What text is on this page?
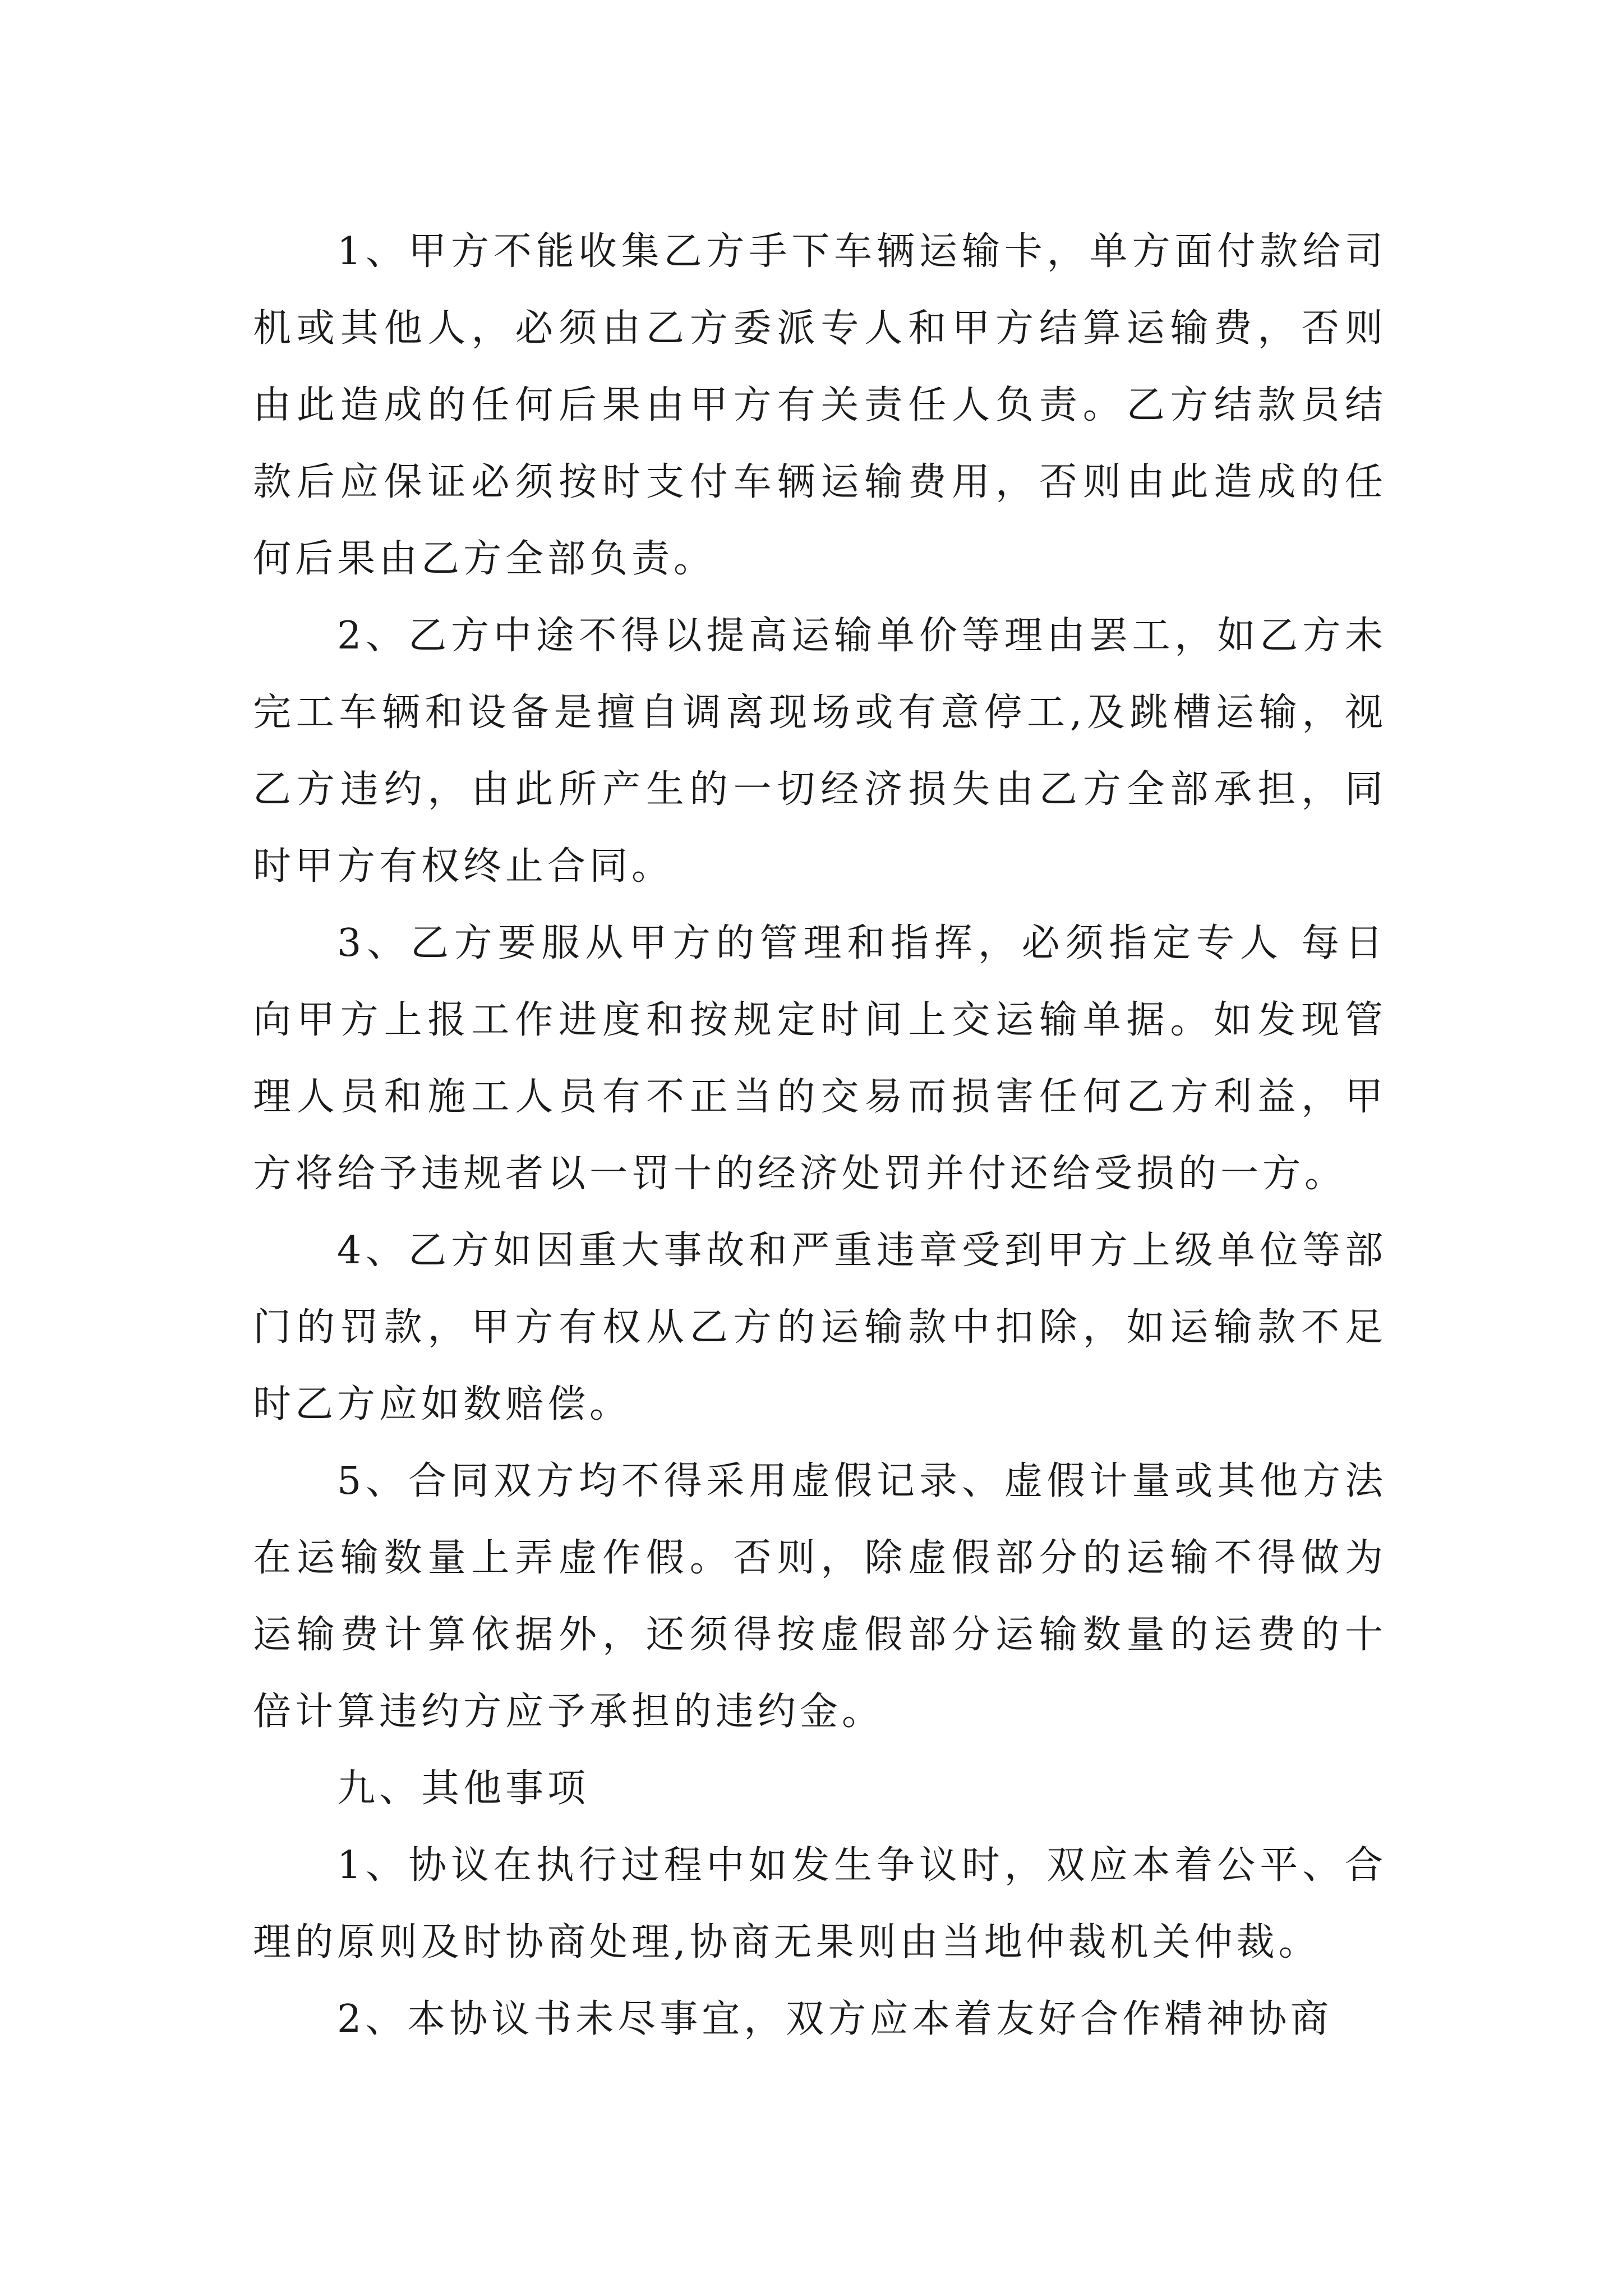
1、甲方不能收集乙方手下车辆运输卡，单方面付款给司机或其他人，必须由乙方委派专人和甲方结算运输费，否则由此造成的任何后果由甲方有关责任人负责。乙方结款员结款后应保证必须按时支付车辆运输费用，否则由此造成的任何后果由乙方全部负责。

2、乙方中途不得以提高运输单价等理由罢工，如乙方未完工车辆和设备是擅自调离现场或有意停工,及跳槽运输，视乙方违约，由此所产生的一切经济损失由乙方全部承担，同时甲方有权终止合同。

3、乙方要服从甲方的管理和指挥，必须指定专人 每日向甲方上报工作进度和按规定时间上交运输单据。如发现管理人员和施工人员有不正当的交易而损害任何乙方利益，甲方将给予违规者以一罚十的经济处罚并付还给受损的一方。

4、乙方如因重大事故和严重违章受到甲方上级单位等部门的罚款，甲方有权从乙方的运输款中扣除，如运输款不足时乙方应如数赔偿。

5、合同双方均不得采用虚假记录、虚假计量或其他方法在运输数量上弄虚作假。否则，除虚假部分的运输不得做为运输费计算依据外，还须得按虚假部分运输数量的运费的十倍计算违约方应予承担的违约金。

九、其他事项

1、协议在执行过程中如发生争议时，双应本着公平、合理的原则及时协商处理,协商无果则由当地仲裁机关仲裁。

2、本协议书未尽事宜，双方应本着友好合作精神协商
